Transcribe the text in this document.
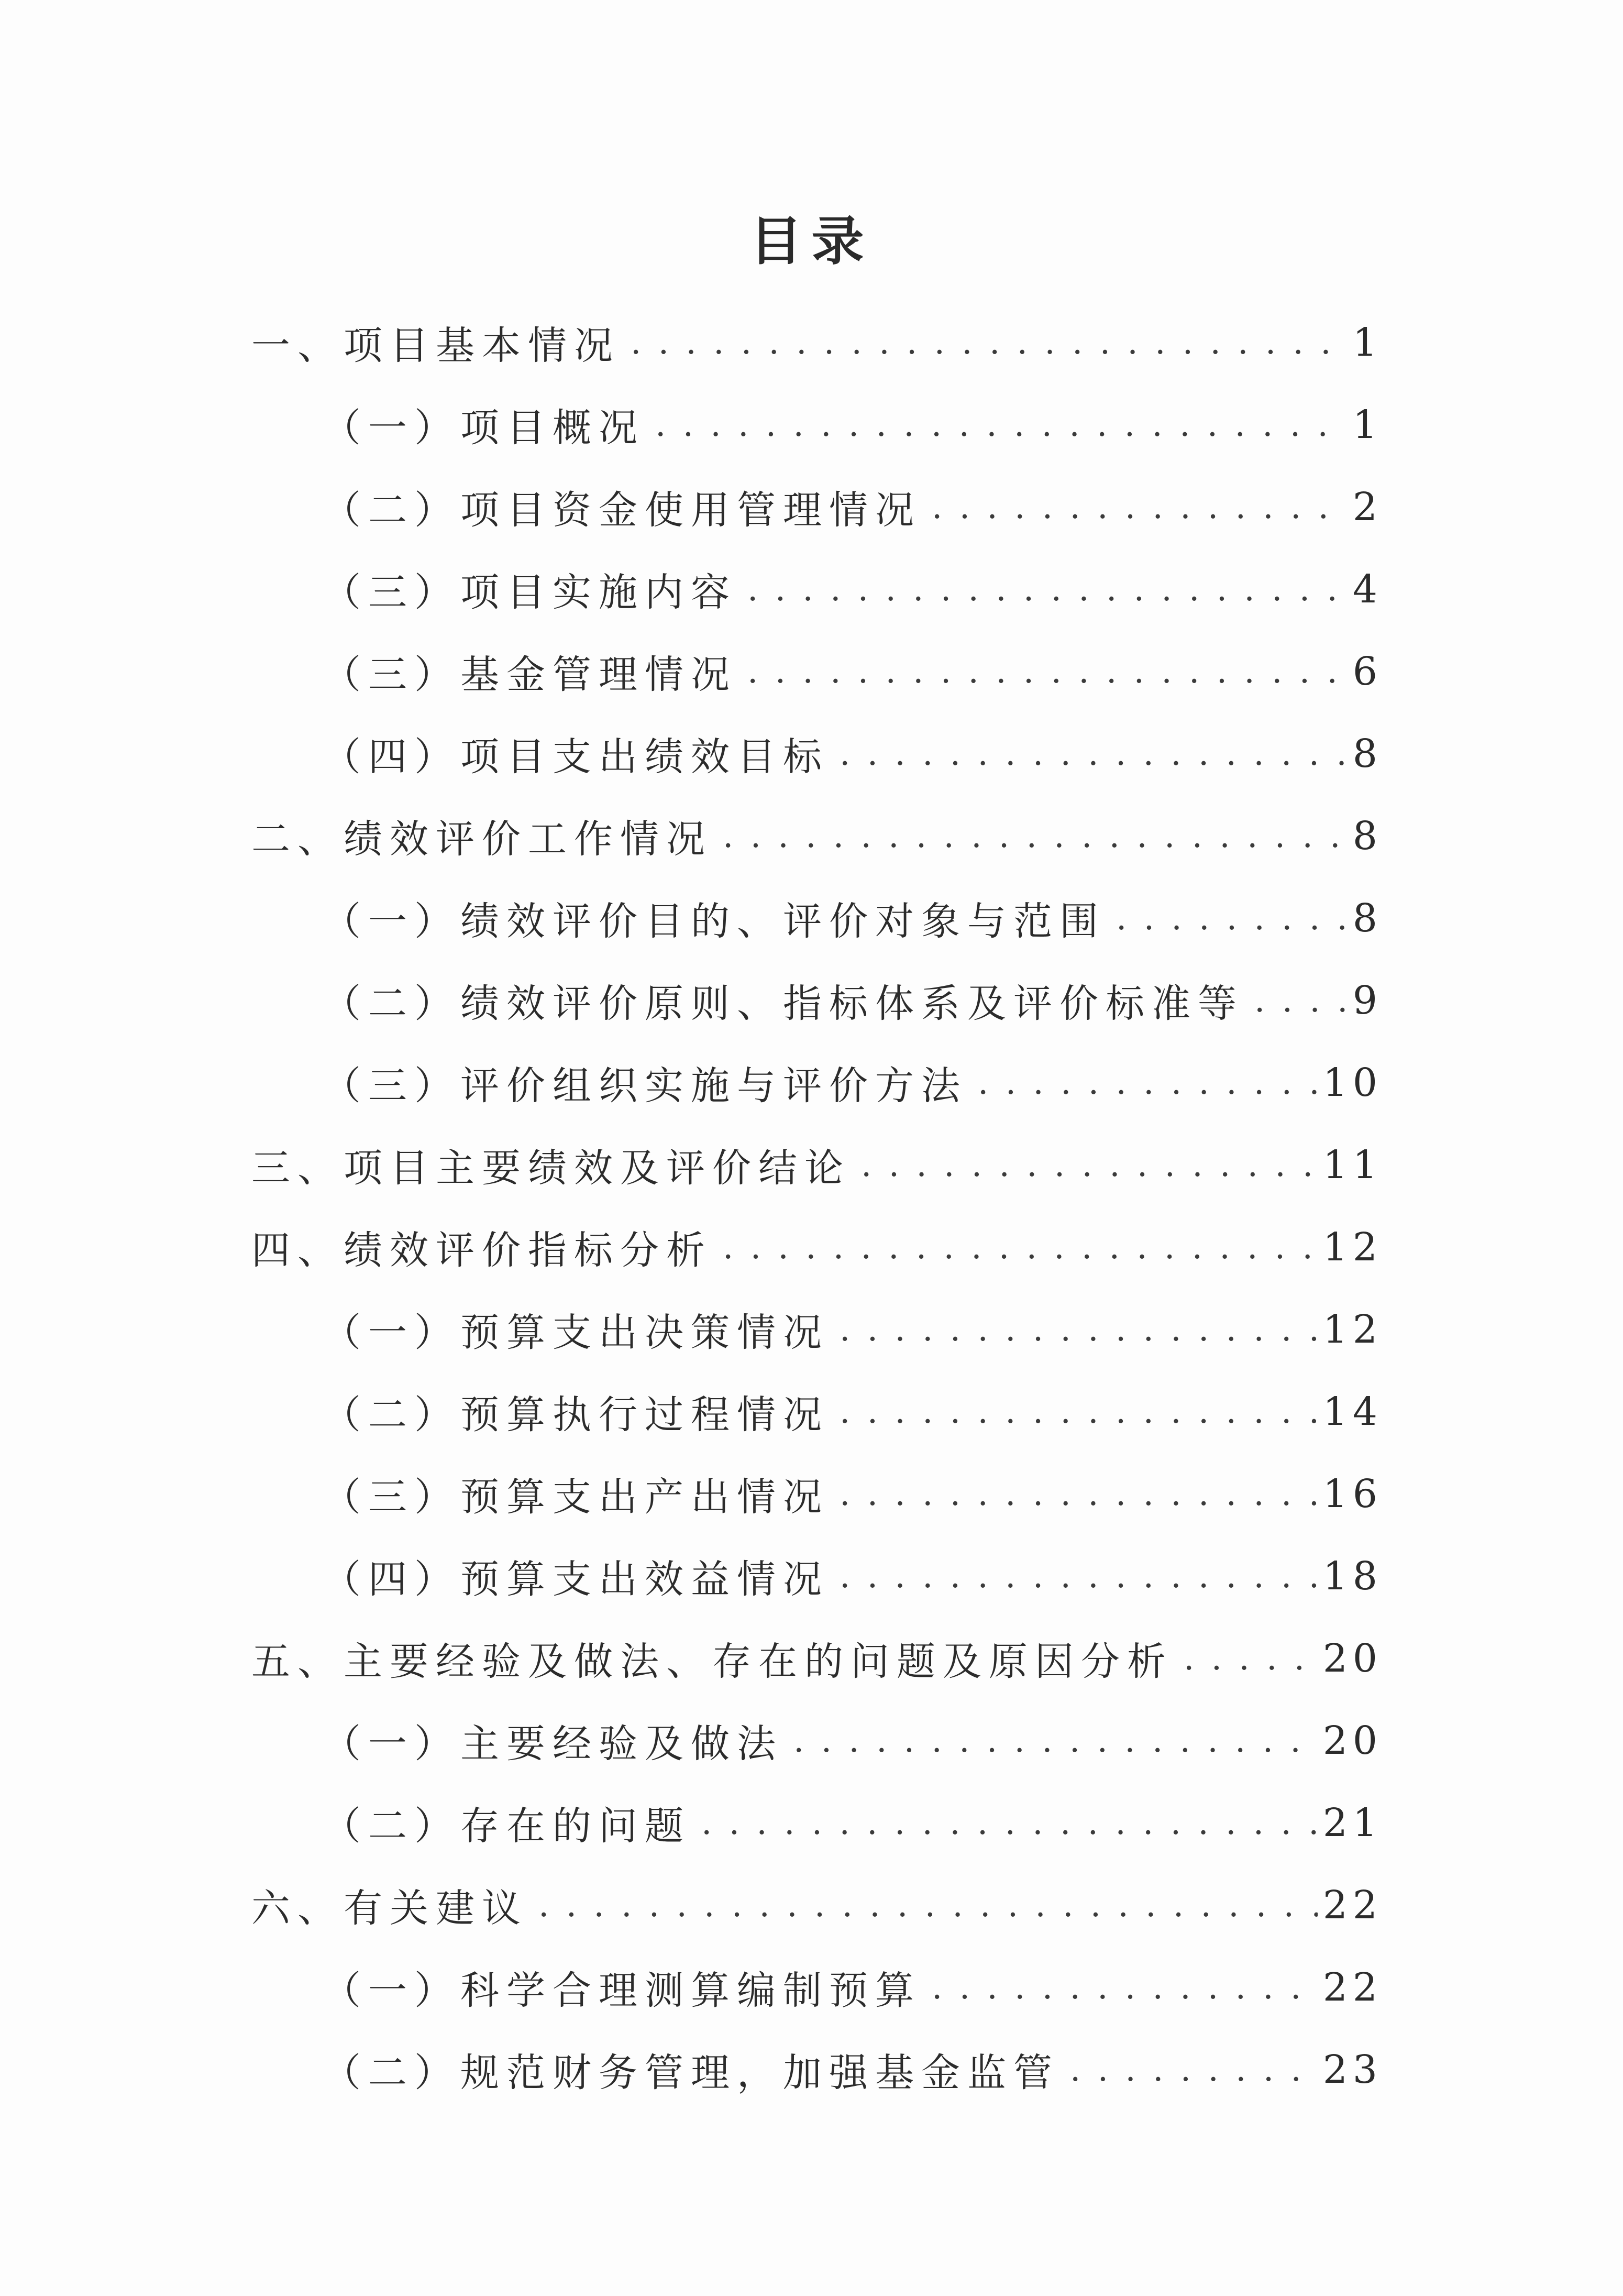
目录
一、项目基本情况 . . .	1
（一）项目概况 . . .	1
（二）项目资金使用管理情况 . . .	2
（三）项目实施内容 . . .	4
（三）基金管理情况 . . .	6
（四）项目支出绩效目标 . . .	8
二、绩效评价工作情况 . . .	8
（一）绩效评价目的、评价对象与范围 . . .	8
（二）绩效评价原则、指标体系及评价标准等 . . .	9
（三）评价组织实施与评价方法 . . .	10
三、项目主要绩效及评价结论 . . .	11
四、绩效评价指标分析 . . .	12
（一）预算支出决策情况 . . .	12
（二）预算执行过程情况 . . .	14
（三）预算支出产出情况 . . .	16
（四）预算支出效益情况 . . .	18
五、主要经验及做法、存在的问题及原因分析 . . .	20
（一）主要经验及做法 . . .	20
（二）存在的问题 . . .	21
六、有关建议 . . .	22
（一）科学合理测算编制预算 . . .	22
（二）规范财务管理，加强基金监管 . . .	23
